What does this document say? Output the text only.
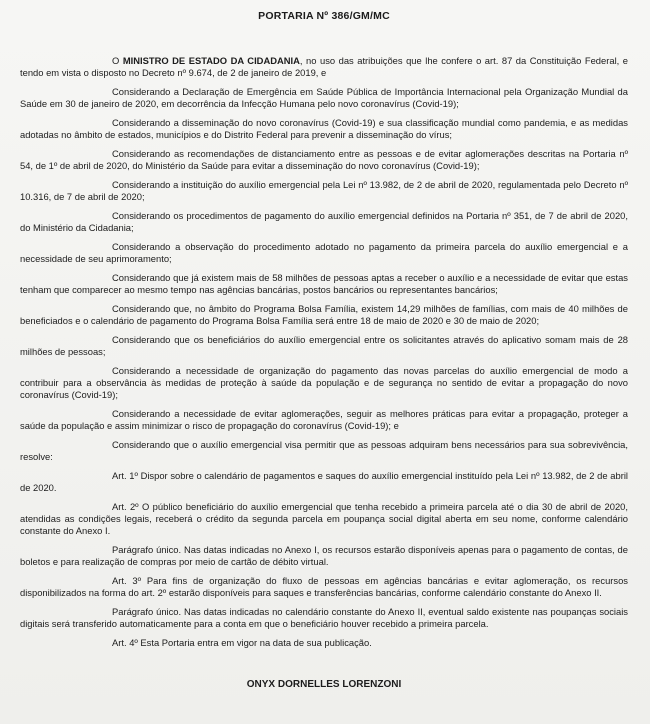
PORTARIA Nº 386/GM/MC

O MINISTRO DE ESTADO DA CIDADANIA, no uso das atribuições que lhe confere o art. 87 da Constituição Federal, e tendo em vista o disposto no Decreto nº 9.674, de 2 de janeiro de 2019, e

Considerando a Declaração de Emergência em Saúde Pública de Importância Internacional pela Organização Mundial da Saúde em 30 de janeiro de 2020, em decorrência da Infecção Humana pelo novo coronavírus (Covid-19);

Considerando a disseminação do novo coronavírus (Covid-19) e sua classificação mundial como pandemia, e as medidas adotadas no âmbito de estados, municípios e do Distrito Federal para prevenir a disseminação do vírus;

Considerando as recomendações de distanciamento entre as pessoas e de evitar aglomerações descritas na Portaria nº 54, de 1º de abril de 2020, do Ministério da Saúde para evitar a disseminação do novo coronavírus (Covid-19);

Considerando a instituição do auxílio emergencial pela Lei nº 13.982, de 2 de abril de 2020, regulamentada pelo Decreto nº 10.316, de 7 de abril de 2020;

Considerando os procedimentos de pagamento do auxílio emergencial definidos na Portaria nº 351, de 7 de abril de 2020, do Ministério da Cidadania;

Considerando a observação do procedimento adotado no pagamento da primeira parcela do auxílio emergencial e a necessidade de seu aprimoramento;

Considerando que já existem mais de 58 milhões de pessoas aptas a receber o auxílio e a necessidade de evitar que estas tenham que comparecer ao mesmo tempo nas agências bancárias, postos bancários ou representantes bancários;

Considerando que, no âmbito do Programa Bolsa Família, existem 14,29 milhões de famílias, com mais de 40 milhões de beneficiados e o calendário de pagamento do Programa Bolsa Família será entre 18 de maio de 2020 e 30 de maio de 2020;

Considerando que os beneficiários do auxílio emergencial entre os solicitantes através do aplicativo somam mais de 28 milhões de pessoas;

Considerando a necessidade de organização do pagamento das novas parcelas do auxílio emergencial de modo a contribuir para a observância às medidas de proteção à saúde da população e de segurança no sentido de evitar a propagação do novo coronavírus (Covid-19);

Considerando a necessidade de evitar aglomerações, seguir as melhores práticas para evitar a propagação, proteger a saúde da população e assim minimizar o risco de propagação do coronavírus (Covid-19); e

Considerando que o auxílio emergencial visa permitir que as pessoas adquiram bens necessários para sua sobrevivência, resolve:

Art. 1º Dispor sobre o calendário de pagamentos e saques do auxílio emergencial instituído pela Lei nº 13.982, de 2 de abril de 2020.

Art. 2º O público beneficiário do auxílio emergencial que tenha recebido a primeira parcela até o dia 30 de abril de 2020, atendidas as condições legais, receberá o crédito da segunda parcela em poupança social digital aberta em seu nome, conforme calendário constante do Anexo I.

Parágrafo único. Nas datas indicadas no Anexo I, os recursos estarão disponíveis apenas para o pagamento de contas, de boletos e para realização de compras por meio de cartão de débito virtual.

Art. 3º Para fins de organização do fluxo de pessoas em agências bancárias e evitar aglomeração, os recursos disponibilizados na forma do art. 2º estarão disponíveis para saques e transferências bancárias, conforme calendário constante do Anexo II.

Parágrafo único. Nas datas indicadas no calendário constante do Anexo II, eventual saldo existente nas poupanças sociais digitais será transferido automaticamente para a conta em que o beneficiário houver recebido a primeira parcela.

Art. 4º Esta Portaria entra em vigor na data de sua publicação.

ONYX DORNELLES LORENZONI
